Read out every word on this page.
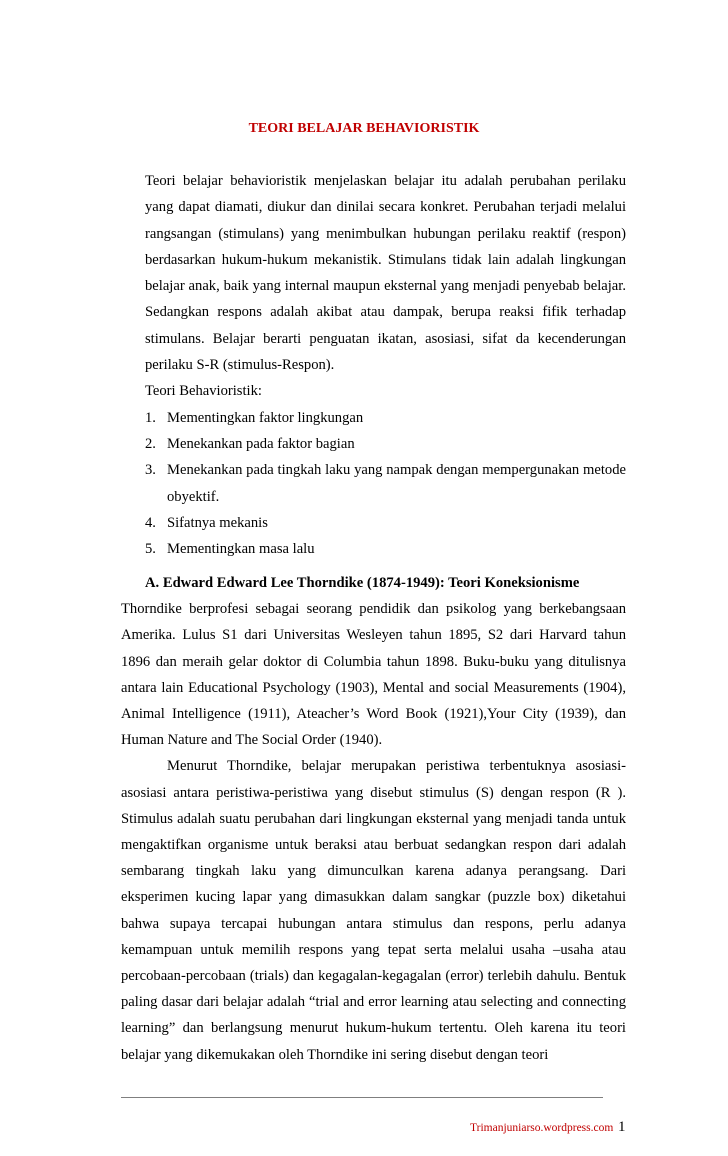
TEORI BELAJAR BEHAVIORISTIK

Teori belajar behavioristik menjelaskan belajar itu adalah perubahan perilaku yang dapat diamati, diukur dan dinilai secara konkret. Perubahan terjadi melalui rangsangan (stimulans) yang menimbulkan hubungan perilaku reaktif (respon) berdasarkan hukum-hukum mekanistik. Stimulans tidak lain adalah lingkungan belajar anak, baik yang internal maupun eksternal yang menjadi penyebab belajar. Sedangkan respons adalah akibat atau dampak, berupa reaksi fifik terhadap stimulans. Belajar berarti penguatan ikatan, asosiasi, sifat da kecenderungan perilaku S-R (stimulus-Respon).

Teori Behavioristik:
1. Mementingkan faktor lingkungan
2. Menekankan pada faktor bagian
3. Menekankan pada tingkah laku yang nampak dengan mempergunakan metode obyektif.
4. Sifatnya mekanis
5. Mementingkan masa lalu
A. Edward Edward Lee Thorndike (1874-1949): Teori Koneksionisme

Thorndike berprofesi sebagai seorang pendidik dan psikolog yang berkebangsaan Amerika. Lulus S1 dari Universitas Wesleyen tahun 1895, S2 dari Harvard tahun 1896 dan meraih gelar doktor di Columbia tahun 1898. Buku-buku yang ditulisnya antara lain Educational Psychology (1903), Mental and social Measurements (1904), Animal Intelligence (1911), Ateacher’s Word Book (1921),Your City (1939), dan Human Nature and The Social Order (1940).

Menurut Thorndike, belajar merupakan peristiwa terbentuknya asosiasi-asosiasi antara peristiwa-peristiwa yang disebut stimulus (S) dengan respon (R ). Stimulus adalah suatu perubahan dari lingkungan eksternal yang menjadi tanda untuk mengaktifkan organisme untuk beraksi atau berbuat sedangkan respon dari adalah sembarang tingkah laku yang dimunculkan karena adanya perangsang. Dari eksperimen kucing lapar yang dimasukkan dalam sangkar (puzzle box) diketahui bahwa supaya tercapai hubungan antara stimulus dan respons, perlu adanya kemampuan untuk memilih respons yang tepat serta melalui usaha –usaha atau percobaan-percobaan (trials) dan kegagalan-kegagalan (error) terlebih dahulu. Bentuk paling dasar dari belajar adalah “trial and error learning atau selecting and connecting learning” dan berlangsung menurut hukum-hukum tertentu. Oleh karena itu teori belajar yang dikemukakan oleh Thorndike ini sering disebut dengan teori

Trimanjuniarso.wordpress.com 1
